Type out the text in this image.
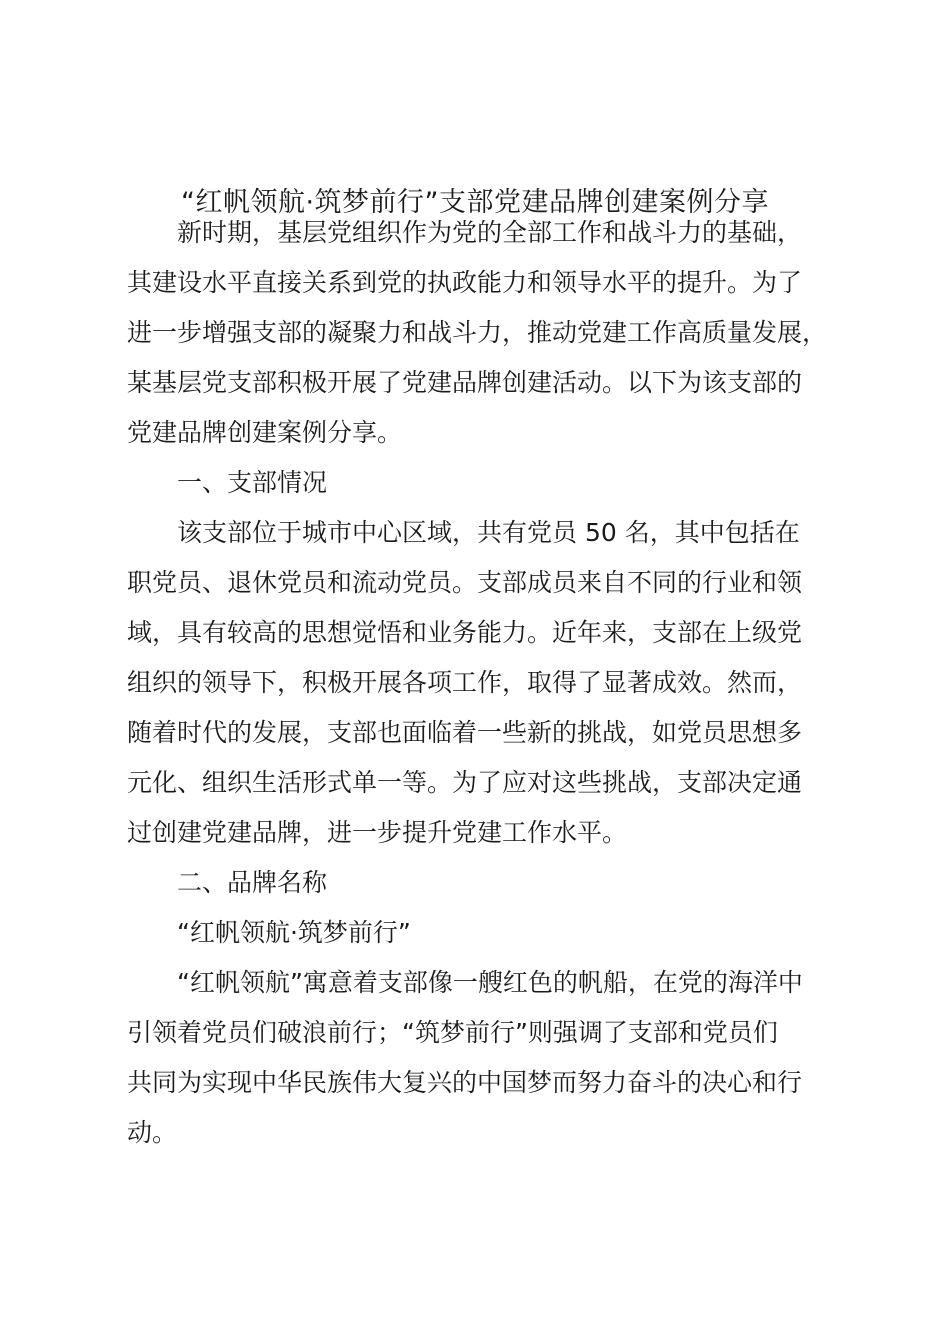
“红帆领航·筑梦前行”支部党建品牌创建案例分享
新时期，基层党组织作为党的全部工作和战斗力的基础，
其建设水平直接关系到党的执政能力和领导水平的提升。为了
进一步增强支部的凝聚力和战斗力，推动党建工作高质量发展，
某基层党支部积极开展了党建品牌创建活动。以下为该支部的
党建品牌创建案例分享。
一、支部情况
该支部位于城市中心区域，共有党员 50 名，其中包括在
职党员、退休党员和流动党员。支部成员来自不同的行业和领
域，具有较高的思想觉悟和业务能力。近年来，支部在上级党
组织的领导下，积极开展各项工作，取得了显著成效。然而，
随着时代的发展，支部也面临着一些新的挑战，如党员思想多
元化、组织生活形式单一等。为了应对这些挑战，支部决定通
过创建党建品牌，进一步提升党建工作水平。
二、品牌名称
“红帆领航·筑梦前行”
“红帆领航”寓意着支部像一艘红色的帆船，在党的海洋中
引领着党员们破浪前行；“筑梦前行”则强调了支部和党员们
共同为实现中华民族伟大复兴的中国梦而努力奋斗的决心和行
动。
